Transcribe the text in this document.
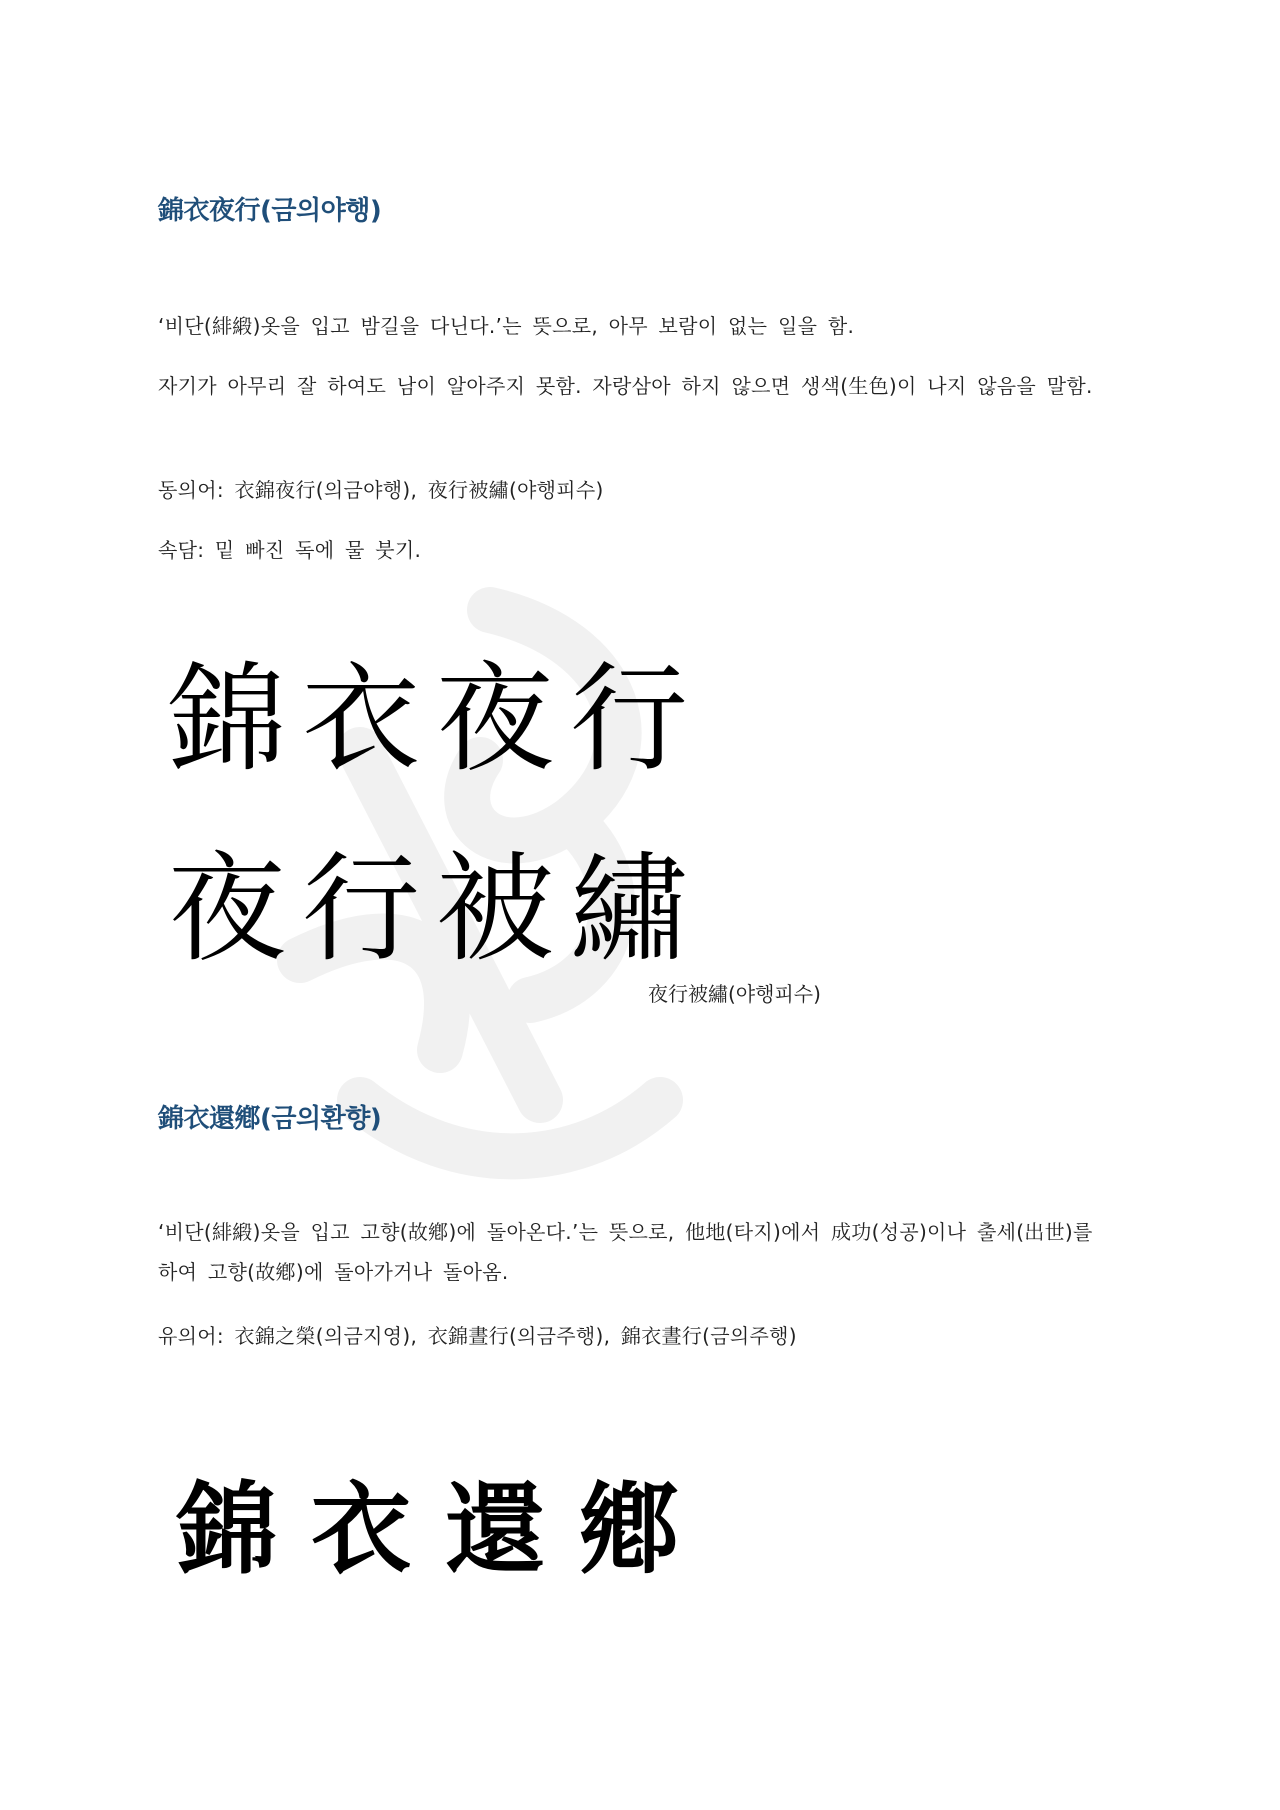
錦衣夜行(금의야행)

‘비단(緋緞)옷을 입고 밤길을 다닌다.’는 뜻으로, 아무 보람이 없는 일을 함.

자기가 아무리 잘 하여도 남이 알아주지 못함. 자랑삼아 하지 않으면 생색(生色)이 나지 않음을 말함.

동의어: 衣錦夜行(의금야행), 夜行被繡(야행피수)

속담: 밑 빠진 독에 물 붓기.

錦 衣 夜 行
夜 行 被 繡
夜行被繡(야행피수)
錦衣還鄕(금의환향)

‘비단(緋緞)옷을 입고 고향(故鄕)에 돌아온다.’는 뜻으로, 他地(타지)에서 成功(성공)이나 출세(出世)를 하여 고향(故鄕)에 돌아가거나 돌아옴.

유의어: 衣錦之榮(의금지영), 衣錦晝行(의금주행), 錦衣晝行(금의주행)

錦 衣 還 鄕
